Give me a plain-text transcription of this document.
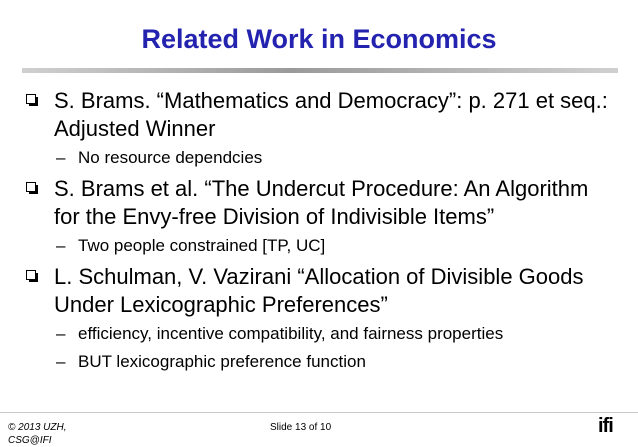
Related Work in Economics
S. Brams. “Mathematics and Democracy”: p. 271 et seq.: Adjusted Winner
– No resource dependcies
S. Brams et al. “The Undercut Procedure: An Algorithm for the Envy-free Division of Indivisible Items”
– Two people constrained [TP, UC]
L. Schulman, V. Vazirani “Allocation of Divisible Goods Under Lexicographic Preferences”
– efficiency, incentive compatibility, and fairness properties
– BUT lexicographic preference function
© 2013 UZH, CSG@IFI
Slide 13 of 10	ifi
